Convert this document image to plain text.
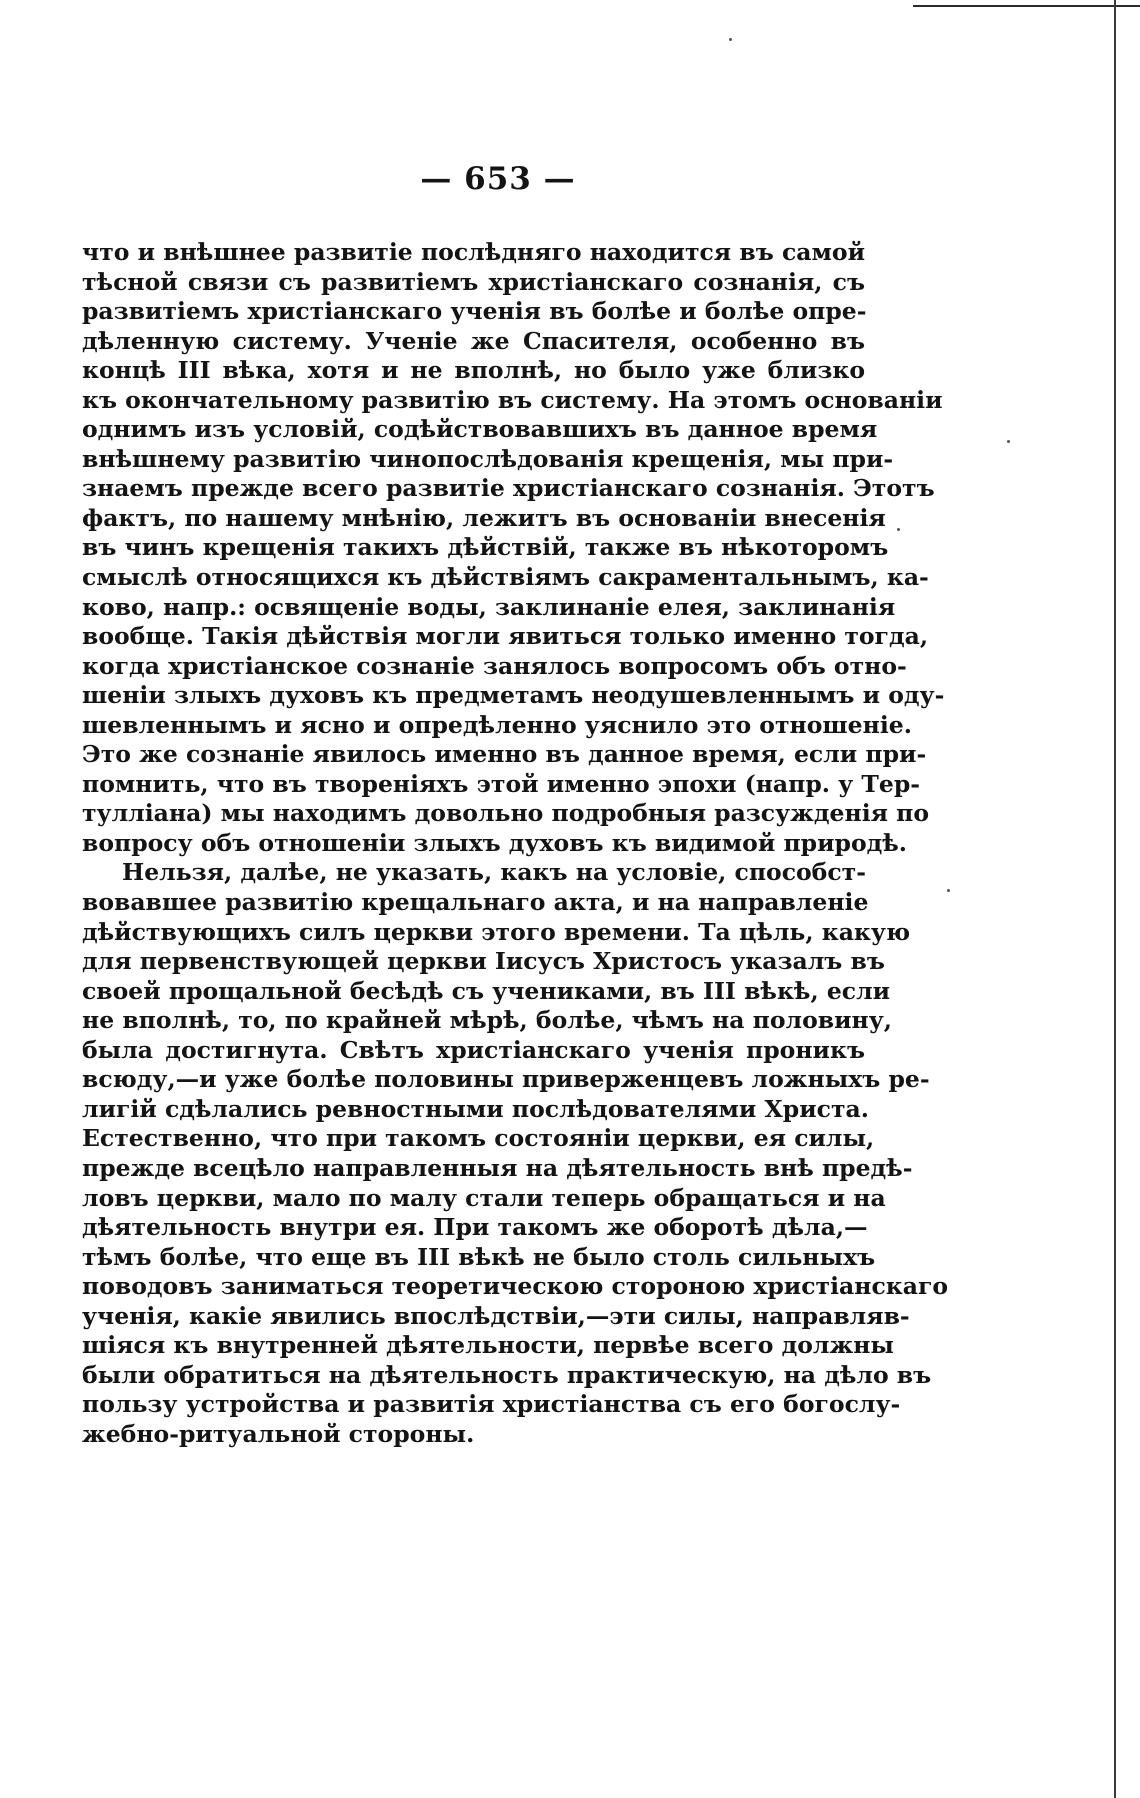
— 653 —
что и внѣшнее развитіе послѣдняго находится въ самой
тѣсной связи съ развитіемъ христіанскаго сознанія, съ
развитіемъ христіанскаго ученія въ болѣе и болѣе опре-
дѣленную систему. Ученіе же Спасителя, особенно въ
концѣ III вѣка, хотя и не вполнѣ, но было уже близко
къ окончательному развитію въ систему. На этомъ основаніи
однимъ изъ условій, содѣйствовавшихъ въ данное время
внѣшнему развитію чинопослѣдованія крещенія, мы при-
знаемъ прежде всего развитіе христіанскаго сознанія. Этотъ
фактъ, по нашему мнѣнію, лежитъ въ основаніи внесенія
въ чинъ крещенія такихъ дѣйствій, также въ нѣкоторомъ
смыслѣ относящихся къ дѣйствіямъ сакраментальнымъ, ка-
ково, напр.: освященіе воды, заклинаніе елея, заклинанія
вообще. Такія дѣйствія могли явиться только именно тогда,
когда христіанское сознаніе занялось вопросомъ объ отно-
шеніи злыхъ духовъ къ предметамъ неодушевленнымъ и оду-
шевленнымъ и ясно и опредѣленно уяснило это отношеніе.
Это же сознаніе явилось именно въ данное время, если при-
помнить, что въ твореніяхъ этой именно эпохи (напр. у Тер-
тулліана) мы находимъ довольно подробныя разсужденія по
вопросу объ отношеніи злыхъ духовъ къ видимой природѣ.
Нельзя, далѣе, не указать, какъ на условіе, способст-
вовавшее развитію крещальнаго акта, и на направленіе
дѣйствующихъ силъ церкви этого времени. Та цѣль, какую
для первенствующей церкви Іисусъ Христосъ указалъ въ
своей прощальной бесѣдѣ съ учениками, въ III вѣкѣ, если
не вполнѣ, то, по крайней мѣрѣ, болѣе, чѣмъ на половину,
была достигнута. Свѣтъ христіанскаго ученія проникъ
всюду,—и уже болѣе половины приверженцевъ ложныхъ ре-
лигій сдѣлались ревностными послѣдователями Христа.
Естественно, что при такомъ состояніи церкви, ея силы,
прежде всецѣло направленныя на дѣятельность внѣ предѣ-
ловъ церкви, мало по малу стали теперь обращаться и на
дѣятельность внутри ея. При такомъ же оборотѣ дѣла,—
тѣмъ болѣе, что еще въ III вѣкѣ не было столь сильныхъ
поводовъ заниматься теоретическою стороною христіанскаго
ученія, какіе явились впослѣдствіи,—эти силы, направляв-
шіяся къ внутренней дѣятельности, первѣе всего должны
были обратиться на дѣятельность практическую, на дѣло въ
пользу устройства и развитія христіанства съ его богослу-
жебно-ритуальной стороны.
